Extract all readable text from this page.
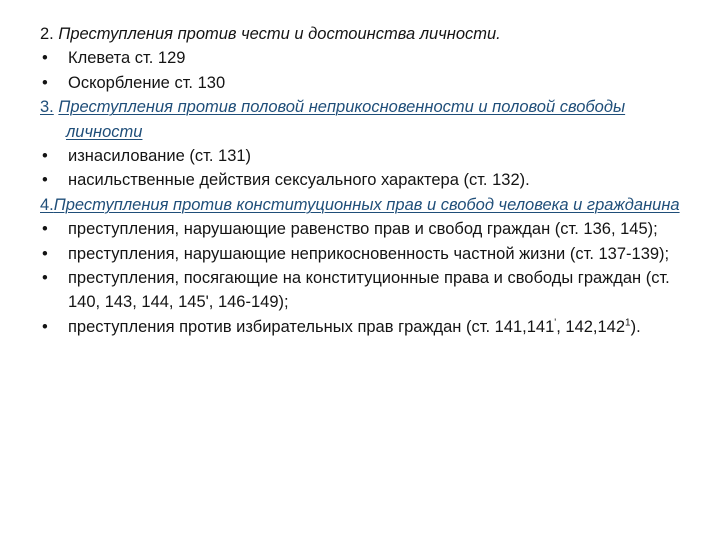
2. Преступления против чести и достоинства личности.
• Клевета ст. 129
• Оскорбление ст. 130
3. Преступления против половой неприкосновенности и половой свободы личности
• изнасилование (ст. 131)
• насильственные действия сексуального характера (ст. 132).
4.Преступления против конституционных прав и свобод человека и гражданина
• преступления, нарушающие равенство прав и свобод граждан (ст. 136, 145);
• преступления, нарушающие неприкосновенность частной жизни (ст. 137-139);
• преступления, посягающие на конституционные права и свободы граждан (ст. 140, 143, 144, 145', 146-149);
• преступления против избирательных прав граждан (ст. 141,141', 142,142$^1$).
